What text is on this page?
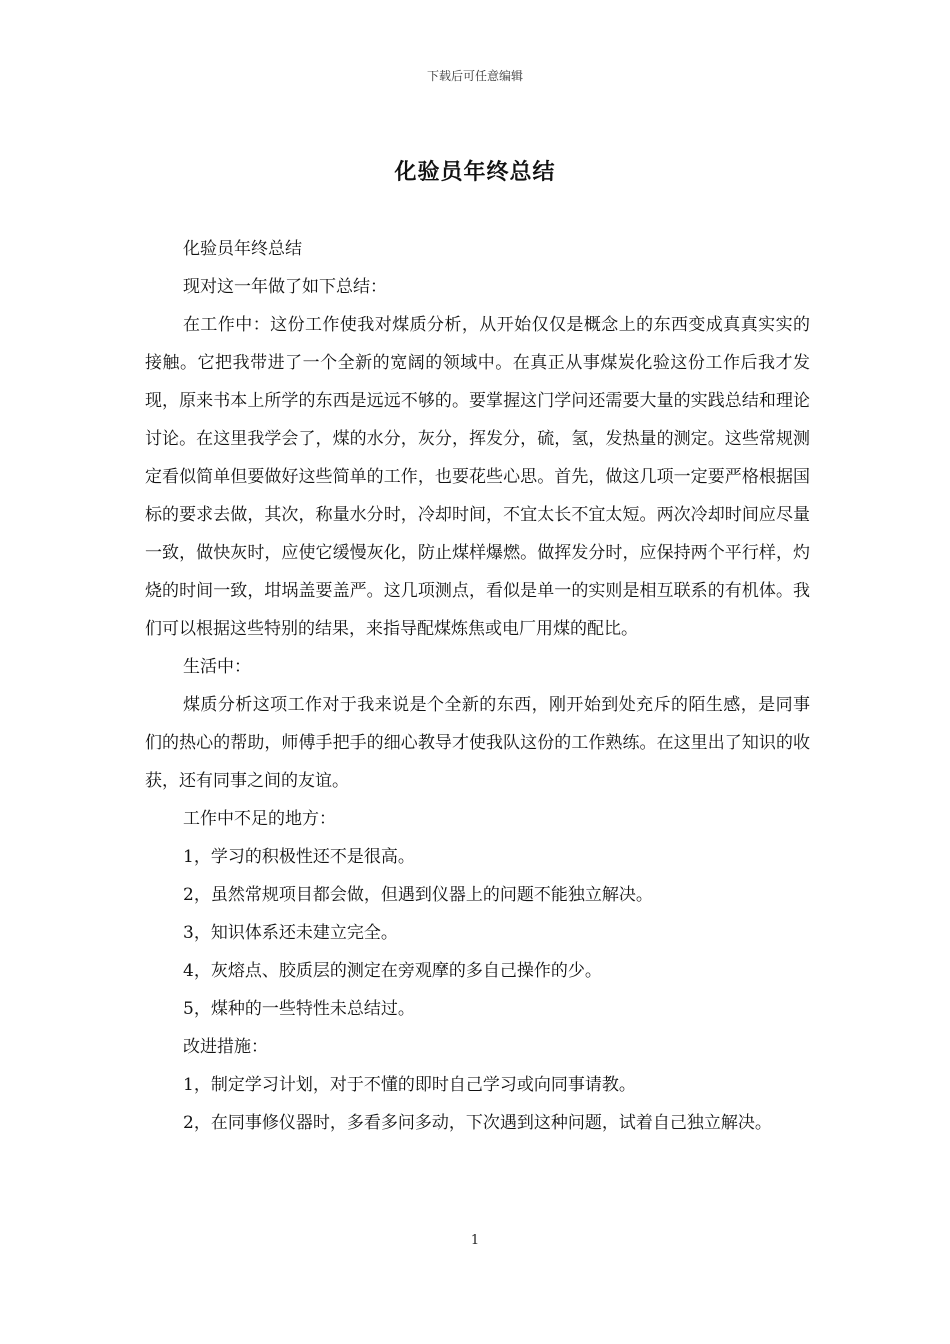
下载后可任意编辑
化验员年终总结

化验员年终总结

现对这一年做了如下总结：

在工作中：这份工作使我对煤质分析，从开始仅仅是概念上的东西变成真真实实的接触。它把我带进了一个全新的宽阔的领域中。在真正从事煤炭化验这份工作后我才发现，原来书本上所学的东西是远远不够的。要掌握这门学问还需要大量的实践总结和理论讨论。在这里我学会了，煤的水分，灰分，挥发分，硫，氢，发热量的测定。这些常规测定看似简单但要做好这些简单的工作，也要花些心思。首先，做这几项一定要严格根据国标的要求去做，其次，称量水分时，冷却时间，不宜太长不宜太短。两次冷却时间应尽量一致，做快灰时，应使它缓慢灰化，防止煤样爆燃。做挥发分时，应保持两个平行样，灼烧的时间一致，坩埚盖要盖严。这几项测点，看似是单一的实则是相互联系的有机体。我们可以根据这些特别的结果，来指导配煤炼焦或电厂用煤的配比。

生活中：

煤质分析这项工作对于我来说是个全新的东西，刚开始到处充斥的陌生感，是同事们的热心的帮助，师傅手把手的细心教导才使我队这份的工作熟练。在这里出了知识的收获，还有同事之间的友谊。

工作中不足的地方：

1，学习的积极性还不是很高。

2，虽然常规项目都会做，但遇到仪器上的问题不能独立解决。

3，知识体系还未建立完全。

4，灰熔点、胶质层的测定在旁观摩的多自己操作的少。

5，煤种的一些特性未总结过。

改进措施：

1，制定学习计划，对于不懂的即时自己学习或向同事请教。

2，在同事修仪器时，多看多问多动，下次遇到这种问题，试着自己独立解决。

1
